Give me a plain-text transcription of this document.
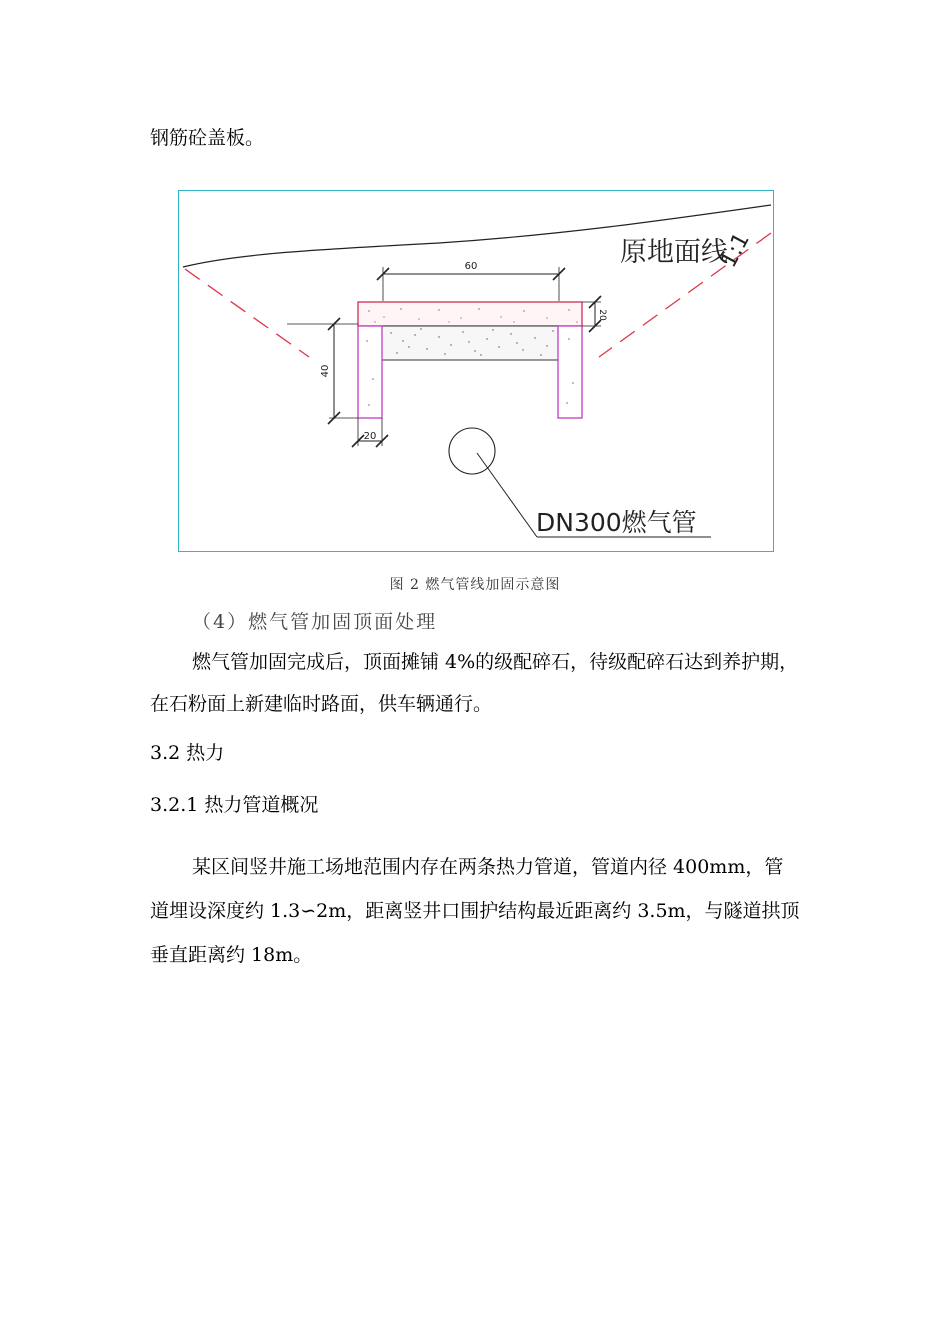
钢筋砼盖板。
60
20
40
20
DN300燃气管
原地面线
1:1
图 2 燃气管线加固示意图
（4）燃气管加固顶面处理
燃气管加固完成后，顶面摊铺 4%的级配碎石，待级配碎石达到养护期，
在石粉面上新建临时路面，供车辆通行。
3.2 热力
3.2.1 热力管道概况
某区间竖井施工场地范围内存在两条热力管道，管道内径 400mm，管
道埋设深度约 1.3∽2m，距离竖井口围护结构最近距离约 3.5m，与隧道拱顶
垂直距离约 18m。
